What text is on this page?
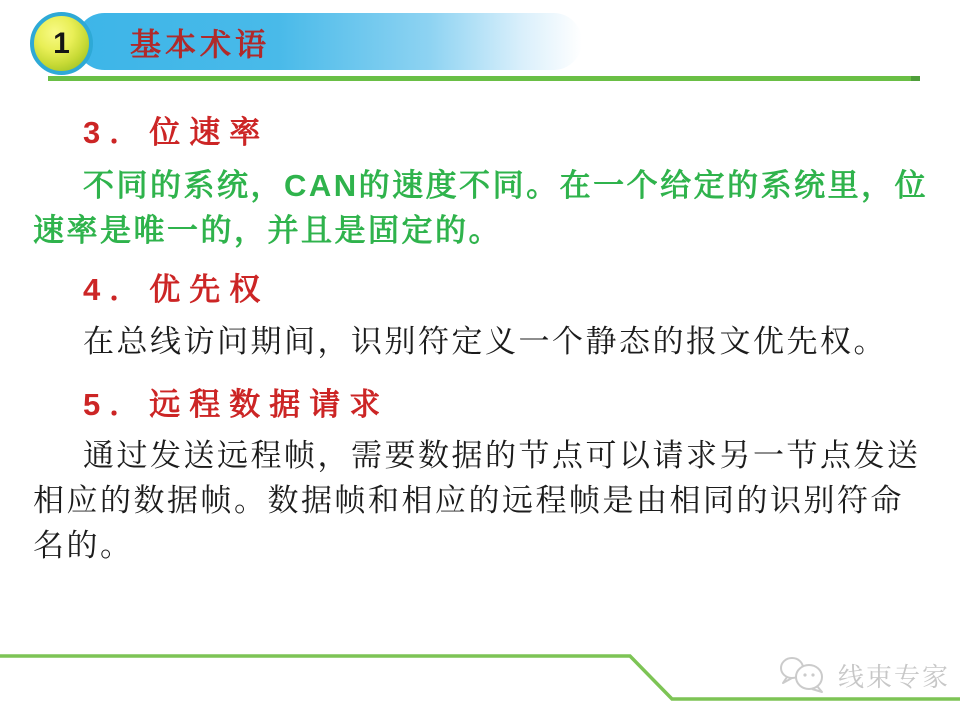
基本术语
1
3．位速率
不同的系统，CAN的速度不同。在一个给定的系统里，位
速率是唯一的，并且是固定的。
4．优先权
在总线访问期间，识别符定义一个静态的报文优先权。
5．远程数据请求
通过发送远程帧，需要数据的节点可以请求另一节点发送
相应的数据帧。数据帧和相应的远程帧是由相同的识别符命
名的。
线束专家
